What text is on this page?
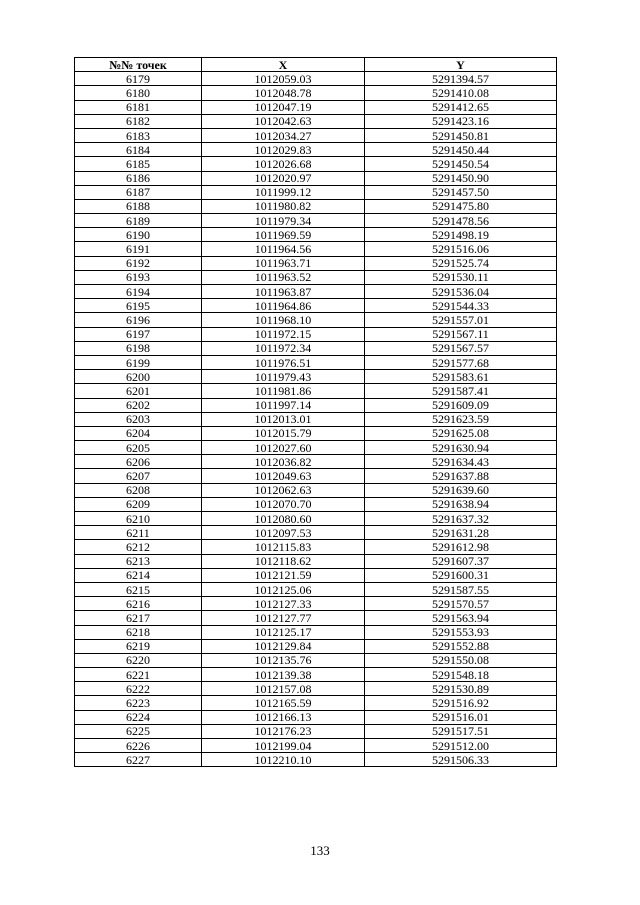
№№ точек	X	Y
6179	1012059.03	5291394.57
6180	1012048.78	5291410.08
6181	1012047.19	5291412.65
6182	1012042.63	5291423.16
6183	1012034.27	5291450.81
6184	1012029.83	5291450.44
6185	1012026.68	5291450.54
6186	1012020.97	5291450.90
6187	1011999.12	5291457.50
6188	1011980.82	5291475.80
6189	1011979.34	5291478.56
6190	1011969.59	5291498.19
6191	1011964.56	5291516.06
6192	1011963.71	5291525.74
6193	1011963.52	5291530.11
6194	1011963.87	5291536.04
6195	1011964.86	5291544.33
6196	1011968.10	5291557.01
6197	1011972.15	5291567.11
6198	1011972.34	5291567.57
6199	1011976.51	5291577.68
6200	1011979.43	5291583.61
6201	1011981.86	5291587.41
6202	1011997.14	5291609.09
6203	1012013.01	5291623.59
6204	1012015.79	5291625.08
6205	1012027.60	5291630.94
6206	1012036.82	5291634.43
6207	1012049.63	5291637.88
6208	1012062.63	5291639.60
6209	1012070.70	5291638.94
6210	1012080.60	5291637.32
6211	1012097.53	5291631.28
6212	1012115.83	5291612.98
6213	1012118.62	5291607.37
6214	1012121.59	5291600.31
6215	1012125.06	5291587.55
6216	1012127.33	5291570.57
6217	1012127.77	5291563.94
6218	1012125.17	5291553.93
6219	1012129.84	5291552.88
6220	1012135.76	5291550.08
6221	1012139.38	5291548.18
6222	1012157.08	5291530.89
6223	1012165.59	5291516.92
6224	1012166.13	5291516.01
6225	1012176.23	5291517.51
6226	1012199.04	5291512.00
6227	1012210.10	5291506.33
133
